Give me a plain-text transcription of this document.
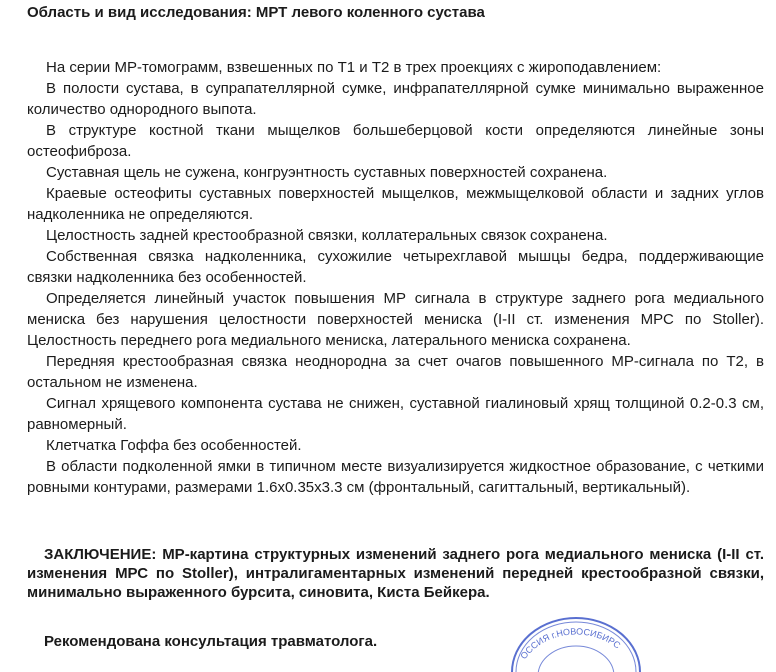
Область и вид исследования: МРТ левого коленного сустава

На серии МР-томограмм, взвешенных по Т1 и Т2 в трех проекциях с жироподавлением:

В полости сустава, в супрапателлярной сумке, инфрапателлярной сумке минимально выраженное количество однородного выпота.

В структуре костной ткани мыщелков большеберцовой кости определяются линейные зоны остеофиброза.

Суставная щель не сужена, конгруэнтность суставных поверхностей сохранена.

Краевые остеофиты суставных поверхностей мыщелков, межмыщелковой области и задних углов надколенника не определяются.

Целостность задней крестообразной связки, коллатеральных связок сохранена.

Собственная связка надколенника, сухожилие четырехглавой мышцы бедра, поддерживающие связки надколенника без особенностей.

Определяется линейный участок повышения МР сигнала в структуре заднего рога медиального мениска без нарушения целостности поверхностей мениска (I-II ст. изменения МРС по Stoller). Целостность переднего рога медиального мениска, латерального мениска сохранена.

Передняя крестообразная связка неоднородна за счет очагов повышенного МР-сигнала по Т2, в остальном не изменена.

Сигнал хрящевого компонента сустава не снижен, суставной гиалиновый хрящ толщиной 0.2-0.3 см, равномерный.

Клетчатка Гоффа без особенностей.

В области подколенной ямки в типичном месте визуализируется жидкостное образование, с четкими ровными контурами, размерами 1.6х0.35х3.3 см (фронтальный, сагиттальный, вертикальный).

ЗАКЛЮЧЕНИЕ: МР-картина структурных изменений заднего рога медиального мениска (I-II ст. изменения МРС по Stoller), интралигаментарных изменений передней крестообразной связки, минимально выраженного бурсита, синовита, Киста Бейкера.
Рекомендована консультация травматолога.
ОССИЯ г.НОВОСИБИРС
